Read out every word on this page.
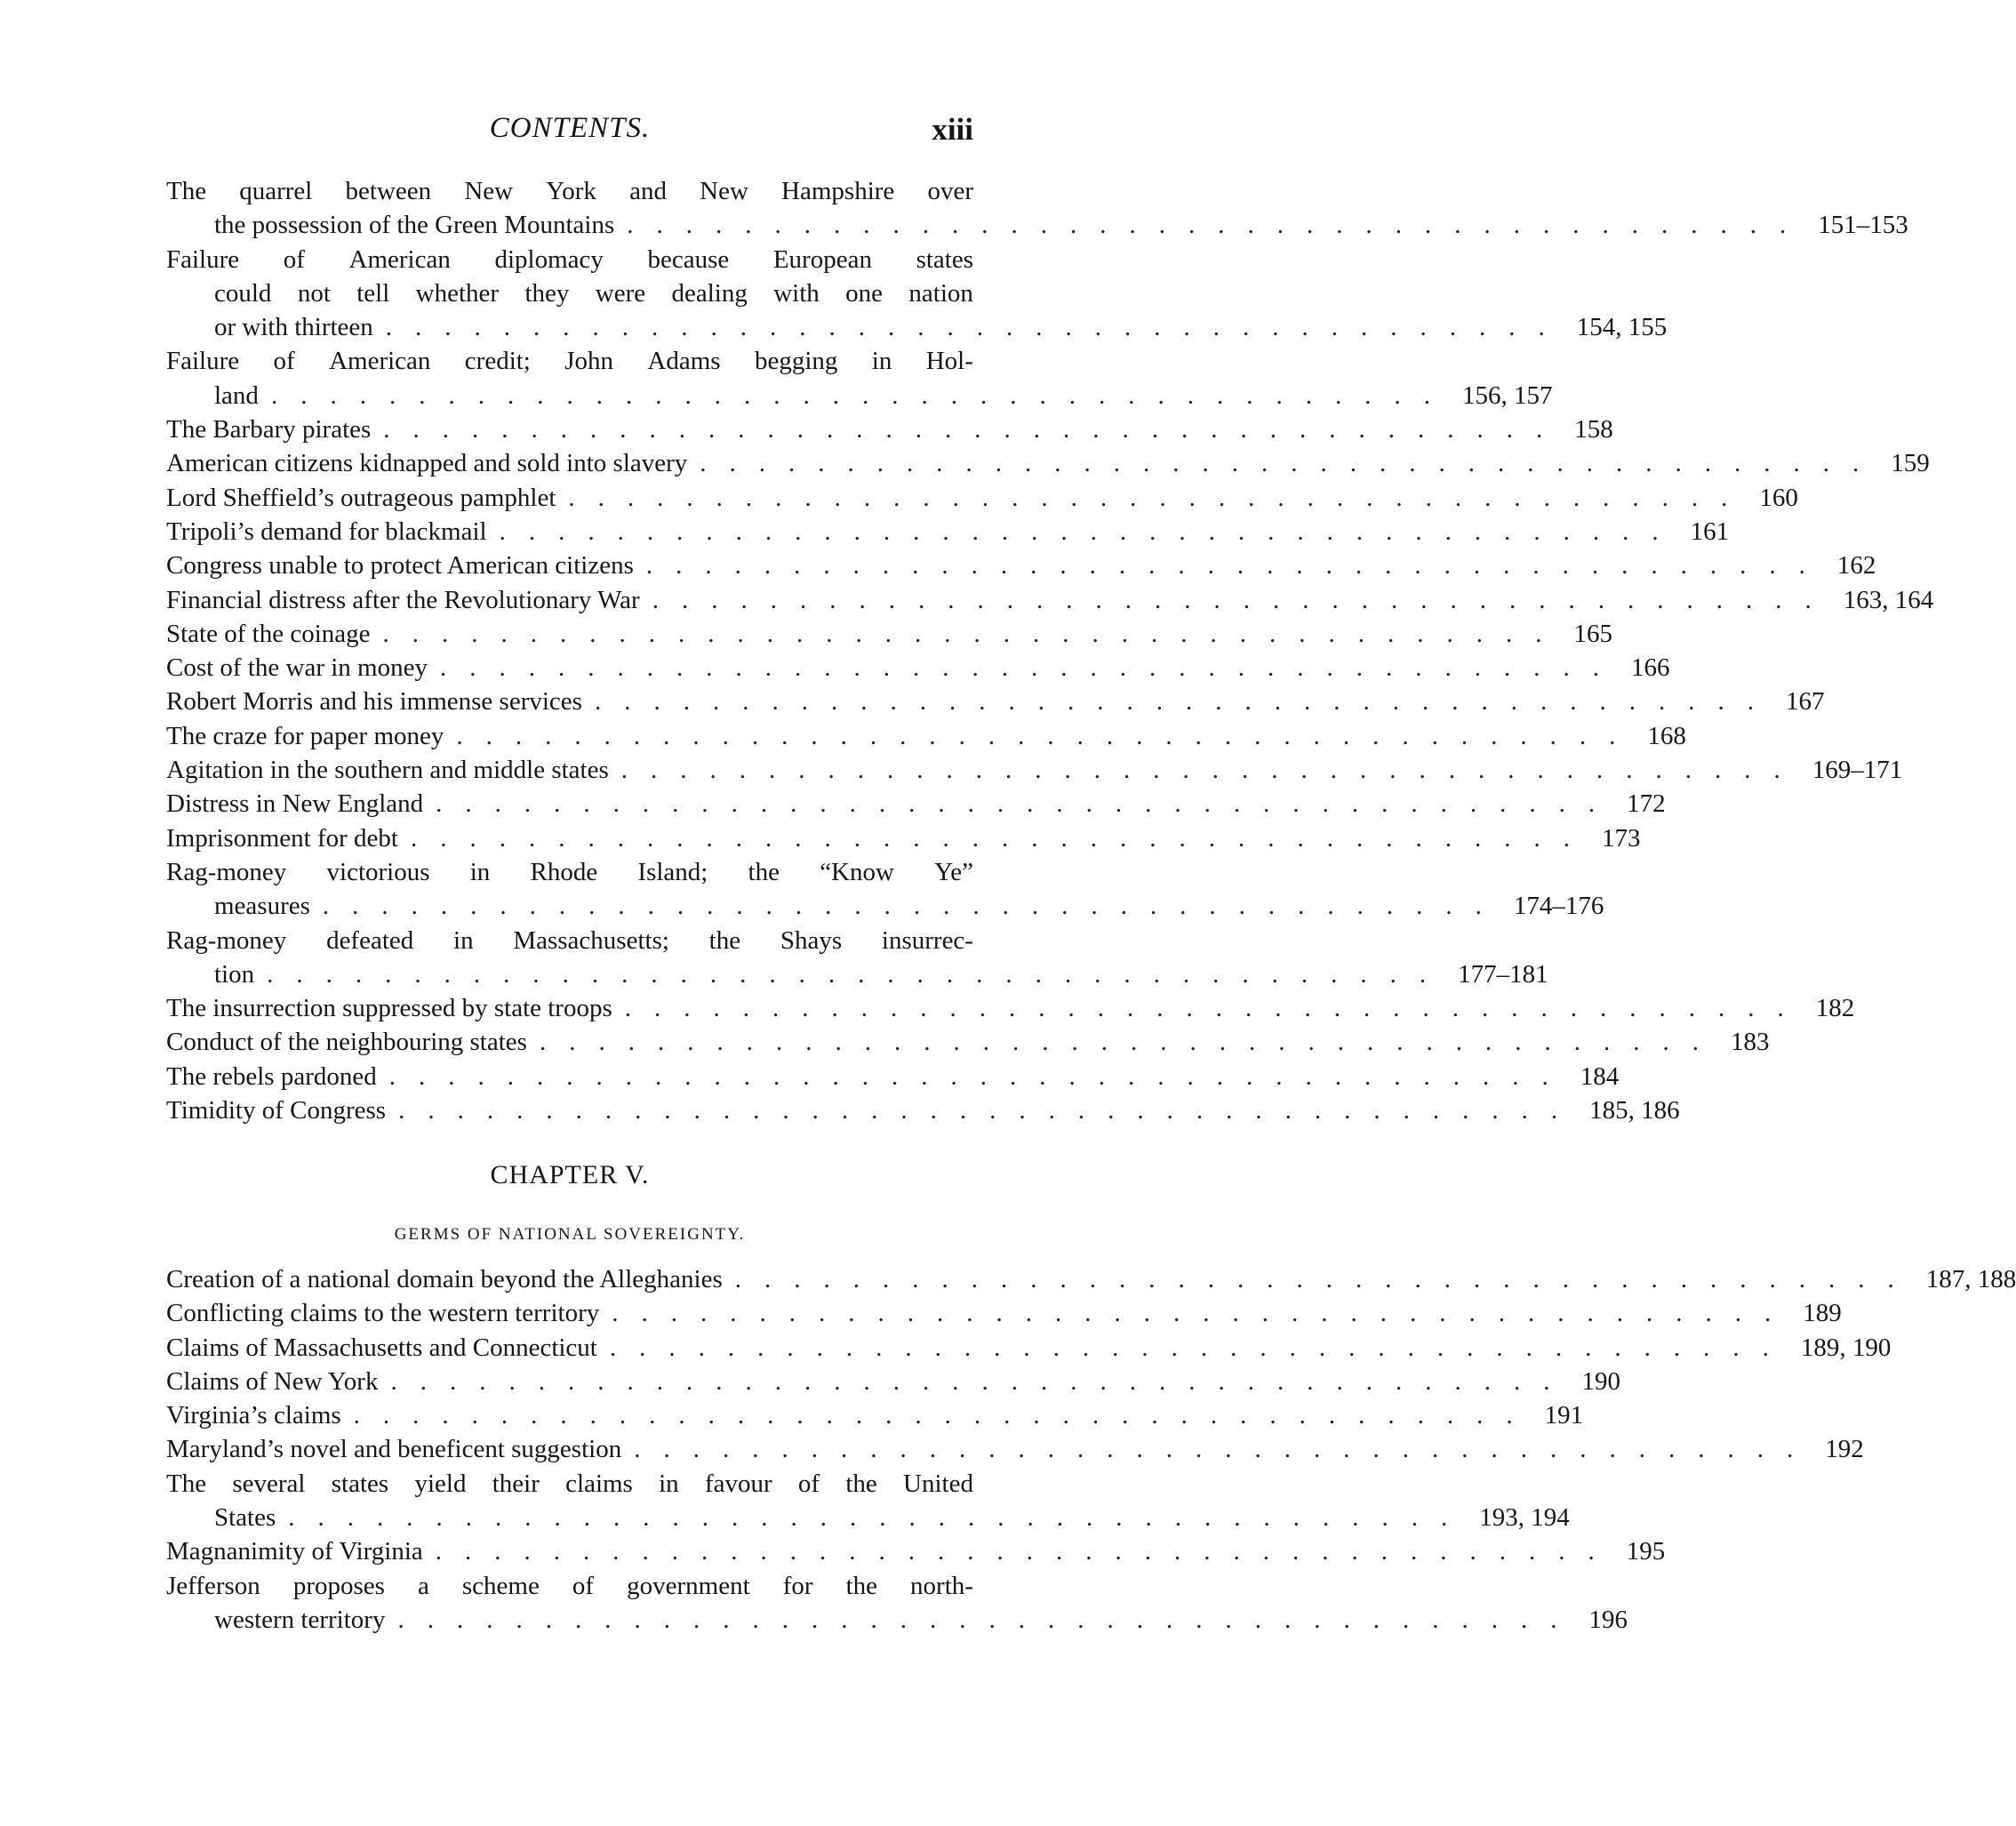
CONTENTS.	xiii
The quarrel between New York and New Hampshire over
the possession of the Green Mountains ........................................ 151–153
Failure of American diplomacy because European states
could not tell whether they were dealing with one nation
or with thirteen ........................................ 154, 155
Failure of American credit; John Adams begging in Hol-
land ........................................ 156, 157
The Barbary pirates ........................................ 158
American citizens kidnapped and sold into slavery ........................................ 159
Lord Sheffield’s outrageous pamphlet ........................................ 160
Tripoli’s demand for blackmail ........................................ 161
Congress unable to protect American citizens ........................................ 162
Financial distress after the Revolutionary War ........................................ 163, 164
State of the coinage ........................................ 165
Cost of the war in money ........................................ 166
Robert Morris and his immense services ........................................ 167
The craze for paper money ........................................ 168
Agitation in the southern and middle states ........................................ 169–171
Distress in New England ........................................ 172
Imprisonment for debt ........................................ 173
Rag-money victorious in Rhode Island; the “Know Ye”
measures ........................................ 174–176
Rag-money defeated in Massachusetts; the Shays insurrec-
tion ........................................ 177–181
The insurrection suppressed by state troops ........................................ 182
Conduct of the neighbouring states ........................................ 183
The rebels pardoned ........................................ 184
Timidity of Congress ........................................ 185, 186
CHAPTER V.
GERMS OF NATIONAL SOVEREIGNTY.
Creation of a national domain beyond the Alleghanies ........................................ 187, 188
Conflicting claims to the western territory ........................................ 189
Claims of Massachusetts and Connecticut ........................................ 189, 190
Claims of New York ........................................ 190
Virginia’s claims ........................................ 191
Maryland’s novel and beneficent suggestion ........................................ 192
The several states yield their claims in favour of the United
States ........................................ 193, 194
Magnanimity of Virginia ........................................ 195
Jefferson proposes a scheme of government for the north-
western territory ........................................ 196
